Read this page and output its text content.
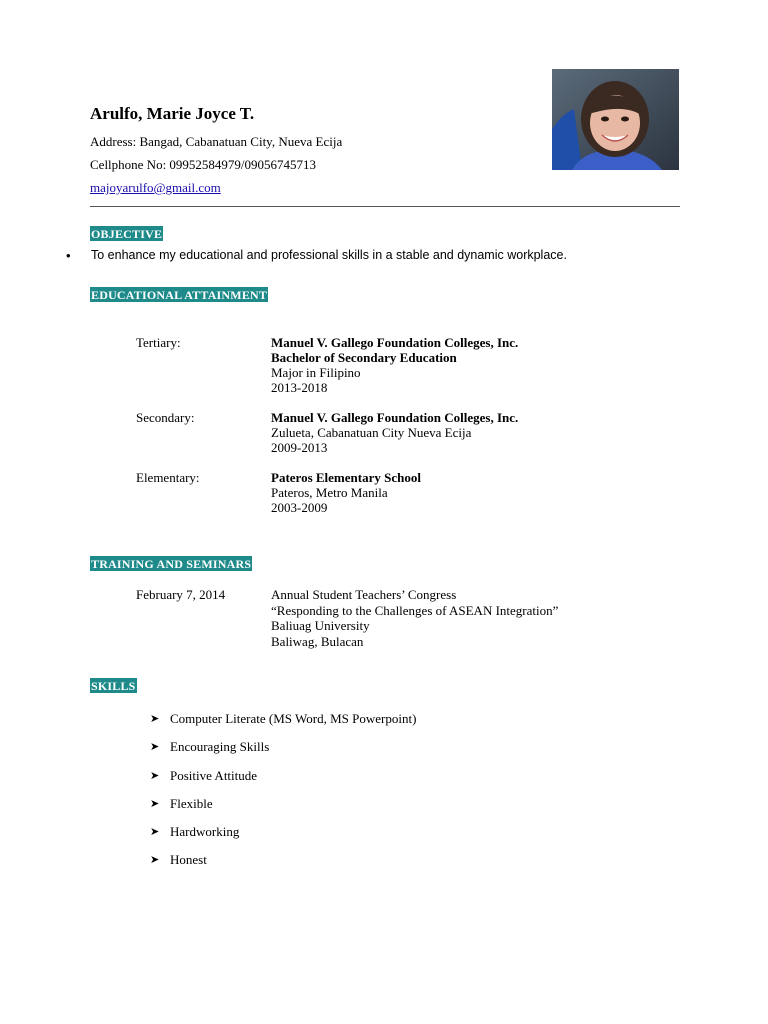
Arulfo, Marie Joyce T.
Address: Bangad, Cabanatuan City, Nueva Ecija
Cellphone No: 09952584979/09056745713
majoyarulfo@gmail.com
OBJECTIVE
• To enhance my educational and professional skills in a stable and dynamic workplace.
EDUCATIONAL ATTAINMENT
Tertiary:	Manuel V. Gallego Foundation Colleges, Inc.
Bachelor of Secondary Education
Major in Filipino
2013-2018
Secondary:	Manuel V. Gallego Foundation Colleges, Inc.
Zulueta, Cabanatuan City Nueva Ecija
2009-2013
Elementary:	Pateros Elementary School
Pateros, Metro Manila
2003-2009
TRAINING AND SEMINARS
February 7, 2014	Annual Student Teachers’ Congress
“Responding to the Challenges of ASEAN Integration”
Baliuag University
Baliwag, Bulacan
SKILLS
➤ Computer Literate (MS Word, MS Powerpoint)
➤ Encouraging Skills
➤ Positive Attitude
➤ Flexible
➤ Hardworking
➤ Honest
